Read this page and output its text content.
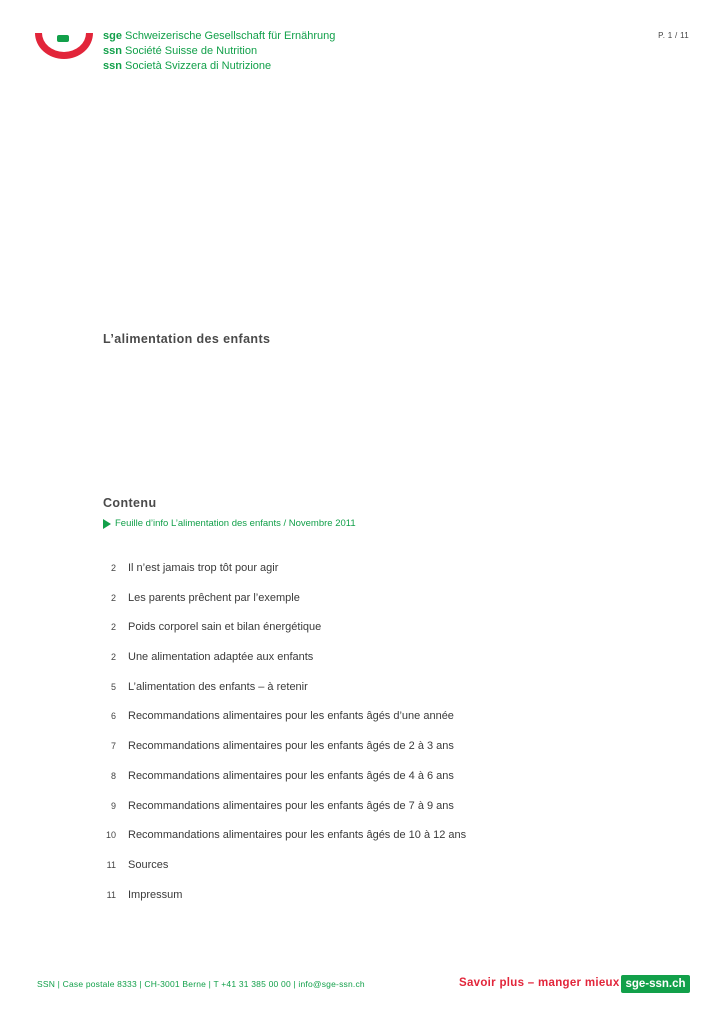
sge Schweizerische Gesellschaft für Ernährung
ssn Société Suisse de Nutrition
ssn Società Svizzera di Nutrizione
P. 1 / 11
L’alimentation des enfants
Contenu
Feuille d’info L’alimentation des enfants / Novembre 2011
2 Il n’est jamais trop tôt pour agir
2 Les parents prêchent par l’exemple
2 Poids corporel sain et bilan énergétique
2 Une alimentation adaptée aux enfants
5 L’alimentation des enfants – à retenir
6 Recommandations alimentaires pour les enfants âgés d’une année
7 Recommandations alimentaires pour les enfants âgés de 2 à 3 ans
8 Recommandations alimentaires pour les enfants âgés de 4 à 6 ans
9 Recommandations alimentaires pour les enfants âgés de 7 à 9 ans
10 Recommandations alimentaires pour les enfants âgés de 10 à 12 ans
11 Sources
11 Impressum
SSN | Case postale 8333 | CH-3001 Berne | T +41 31 385 00 00 | info@sge-ssn.ch	Savoir plus – manger mieux sge-ssn.ch
